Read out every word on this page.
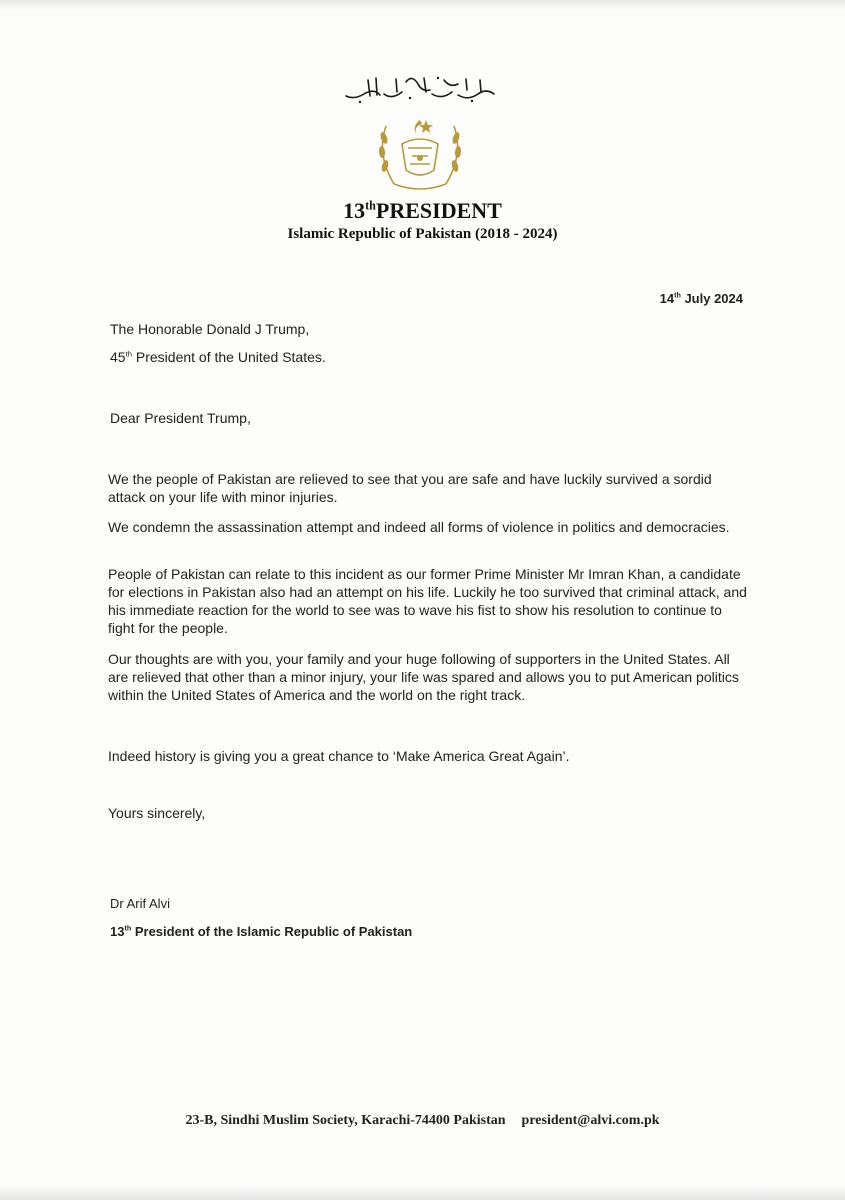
13thPRESIDENT
Islamic Republic of Pakistan (2018 - 2024)
14th July 2024
The Honorable Donald J Trump,
45th President of the United States.
Dear President Trump,

We the people of Pakistan are relieved to see that you are safe and have luckily survived a sordid attack on your life with minor injuries.

We condemn the assassination attempt and indeed all forms of violence in politics and democracies.

People of Pakistan can relate to this incident as our former Prime Minister Mr Imran Khan, a candidate for elections in Pakistan also had an attempt on his life. Luckily he too survived that criminal attack, and his immediate reaction for the world to see was to wave his fist to show his resolution to continue to fight for the people.

Our thoughts are with you, your family and your huge following of supporters in the United States. All are relieved that other than a minor injury, your life was spared and allows you to put American politics within the United States of America and the world on the right track.

Indeed history is giving you a great chance to ‘Make America Great Again’.

Yours sincerely,
Dr Arif Alvi
13th President of the Islamic Republic of Pakistan
23-B, Sindhi Muslim Society, Karachi-74400 Pakistan president@alvi.com.pk
